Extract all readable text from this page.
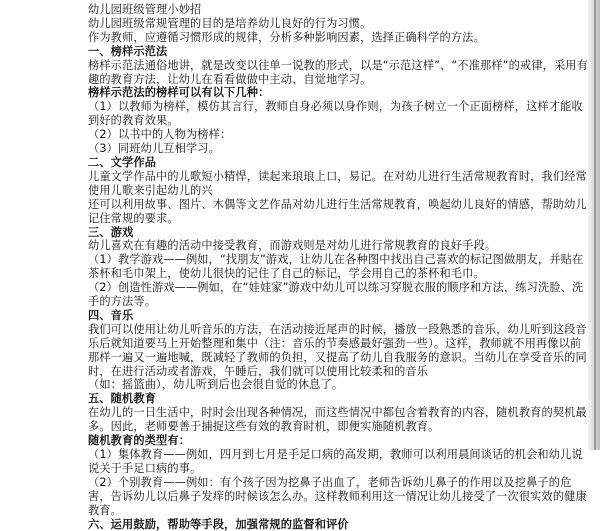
幼儿园班级管理小妙招

幼儿园班级常规管理的目的是培养幼儿良好的行为习惯。

作为教师，应遵循习惯形成的规律，分析多种影响因素，选择正确科学的方法。

一、榜样示范法

榜样示范法通俗地讲，就是改变以往单一说教的形式，以是“示范这样”、“不准那样”的戒律，采用有趣的教育方法，让幼儿在看看做做中主动、自觉地学习。

榜样示范法的榜样可以有以下几种：

（1）以教师为榜样，模仿其言行，教师自身必须以身作则，为孩子树立一个正面榜样，这样才能收到好的教育效果。

（2）以书中的人物为榜样：

（3）同班幼儿互相学习。

二、文学作品

儿童文学作品中的儿歌短小精悍，读起来琅琅上口，易记。在对幼儿进行生活常规教育时，我们经常使用儿歌来引起幼儿的兴

还可以利用故事、图片、木偶等文艺作品对幼儿进行生活常规教育，唤起幼儿良好的情感，帮助幼儿记住常规的要求。

三、游戏

幼儿喜欢在有趣的活动中接受教育，而游戏则是对幼儿进行常规教育的良好手段。

（1）教学游戏——例如，“找朋友”游戏，让幼儿在各种图中找出自己喜欢的标记图做朋友，并贴在茶杯和毛巾架上，使幼儿很快的记住了自己的标记，学会用自己的茶杯和毛巾。

（2）创造性游戏——例如，在“娃娃家”游戏中幼儿可以练习穿脱衣服的顺序和方法，练习洗脸、洗手的方法等。

四、音乐

我们可以使用让幼儿听音乐的方法，在活动接近尾声的时候，播放一段熟悉的音乐，幼儿听到这段音乐后就知道要马上开始整理和集中（注：音乐的节奏感最好强劲一些）。这样，教师就不用再像以前那样一遍又一遍地喊，既减轻了教师的负担，又提高了幼儿自我服务的意识。当幼儿在享受音乐的同时，在进行活动或者游戏，午睡后，我们就可以使用比较柔和的音乐

（如：摇篮曲），幼儿听到后也会很自觉的休息了。

五、随机教育

在幼儿的一日生活中，时时会出现各种情况，而这些情况中都包含着教育的内容，随机教育的契机最多。因此，老师要善于捕捉这些有效的教育时机，即便实施随机教育。

随机教育的类型有：

（1）集体教育——例如，四月到七月是手足口病的高发期，教师可以利用晨间谈话的机会和幼儿说说关于手足口病的事。

（2）个别教育——例如：有个孩子因为挖鼻子出血了，老师告诉幼儿鼻子的作用以及挖鼻子的危害，告诉幼儿以后鼻子发痒的时候该怎么办。这样教师利用这一情况让幼儿接受了一次很实效的健康教育。

六、运用鼓励，帮助等手段，加强常规的监督和评价
